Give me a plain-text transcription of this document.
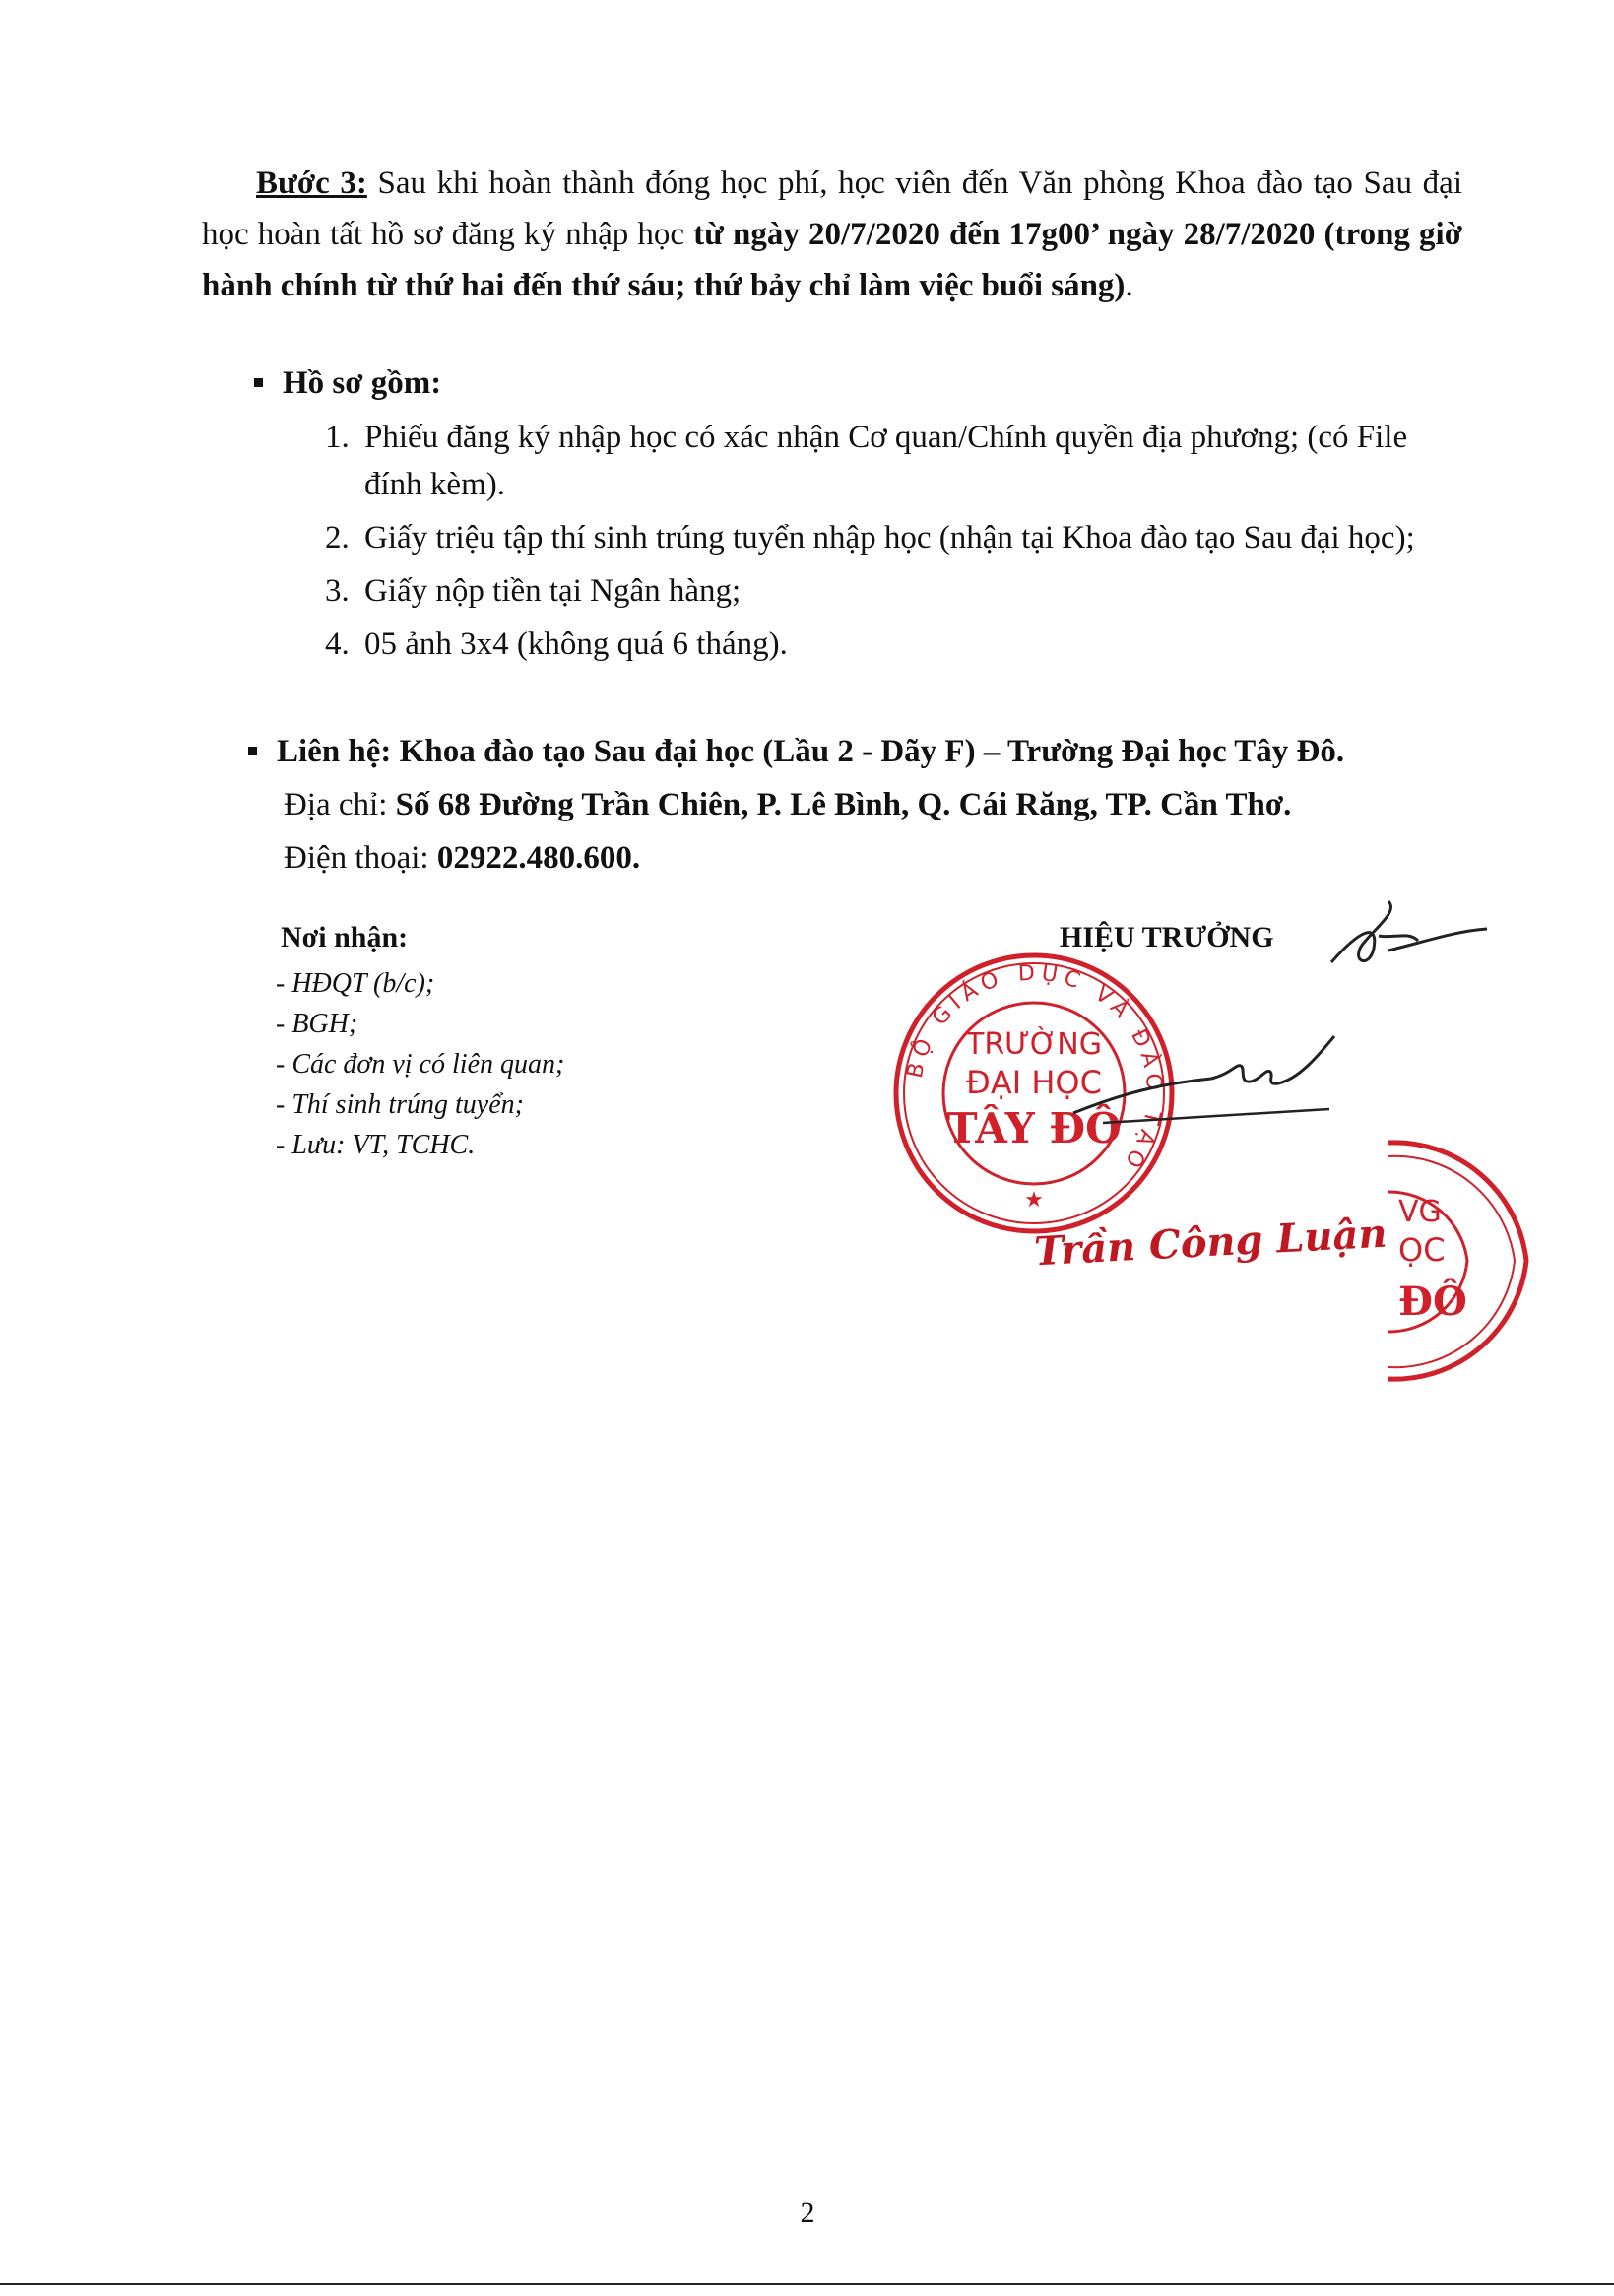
Bước 3: Sau khi hoàn thành đóng học phí, học viên đến Văn phòng Khoa đào tạo Sau đại học hoàn tất hồ sơ đăng ký nhập học từ ngày 20/7/2020 đến 17g00’ ngày 28/7/2020 (trong giờ hành chính từ thứ hai đến thứ sáu; thứ bảy chỉ làm việc buổi sáng).
Hồ sơ gồm:
1. Phiếu đăng ký nhập học có xác nhận Cơ quan/Chính quyền địa phương; (có File đính kèm).
2. Giấy triệu tập thí sinh trúng tuyển nhập học (nhận tại Khoa đào tạo Sau đại học);
3. Giấy nộp tiền tại Ngân hàng;
4. 05 ảnh 3x4 (không quá 6 tháng).
Liên hệ: Khoa đào tạo Sau đại học (Lầu 2 - Dãy F) – Trường Đại học Tây Đô.
Địa chỉ: Số 68 Đường Trần Chiên, P. Lê Bình, Q. Cái Răng, TP. Cần Thơ.
Điện thoại: 02922.480.600.
Nơi nhận:
- HĐQT (b/c);
- BGH;
- Các đơn vị có liên quan;
- Thí sinh trúng tuyển;
- Lưu: VT, TCHC.
HIỆU TRƯỞNG
BỘ GIÁO DỤC VÀ ĐÀO TẠO
TRƯỜNG
ĐẠI HỌC
TÂY ĐÔ
★
Trần Công Luận VG
ỌC
ĐÔ
2
